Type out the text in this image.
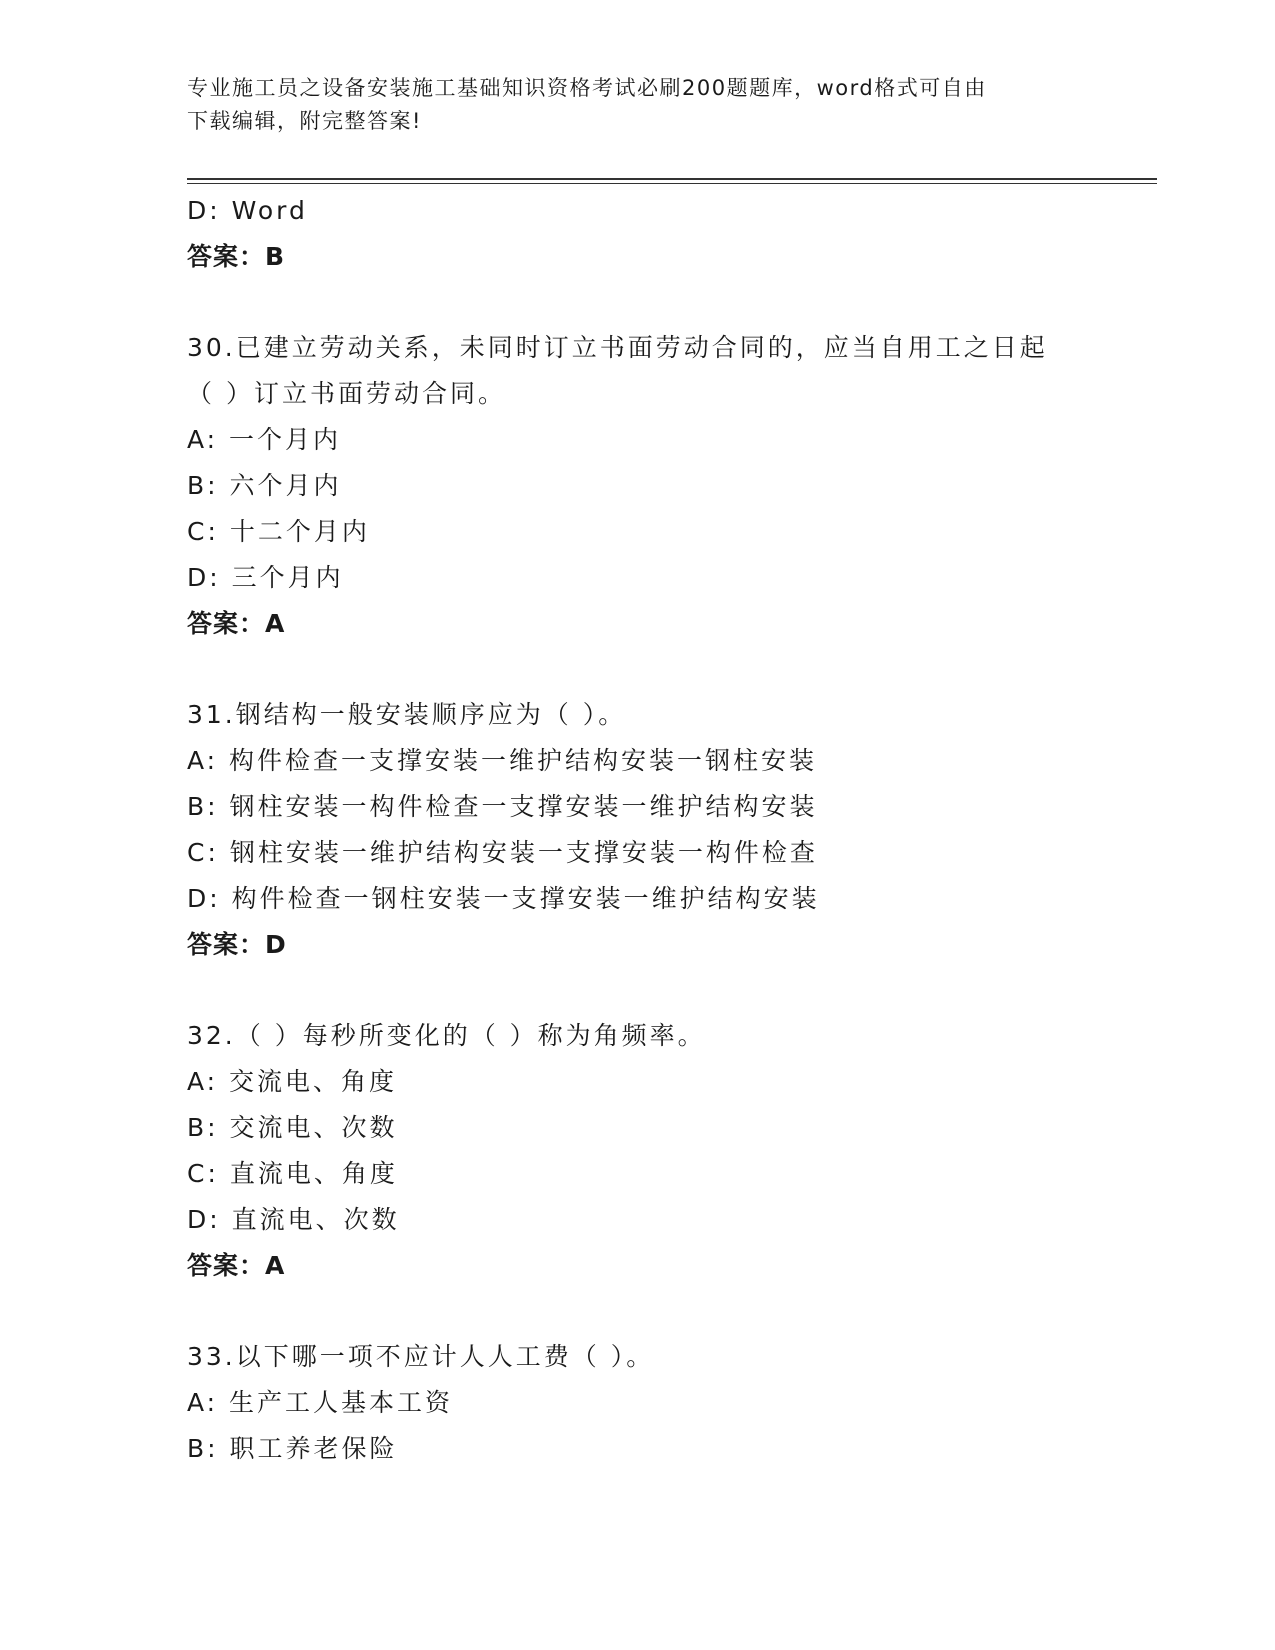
专业施工员之设备安装施工基础知识资格考试必刷200题题库，word格式可自由
下载编辑，附完整答案!
D: Word
答案：B
30.已建立劳动关系，未同时订立书面劳动合同的，应当自用工之日起
（ ）订立书面劳动合同。
A: 一个月内
B: 六个月内
C: 十二个月内
D: 三个月内
答案：A
31.钢结构一般安装顺序应为（ ）。
A: 构件检查一支撑安装一维护结构安装一钢柱安装
B: 钢柱安装一构件检查一支撑安装一维护结构安装
C: 钢柱安装一维护结构安装一支撑安装一构件检查
D: 构件检查一钢柱安装一支撑安装一维护结构安装
答案：D
32.（ ）每秒所变化的（ ）称为角频率。
A: 交流电、角度
B: 交流电、次数
C: 直流电、角度
D: 直流电、次数
答案：A
33.以下哪一项不应计人人工费（ ）。
A: 生产工人基本工资
B: 职工养老保险
